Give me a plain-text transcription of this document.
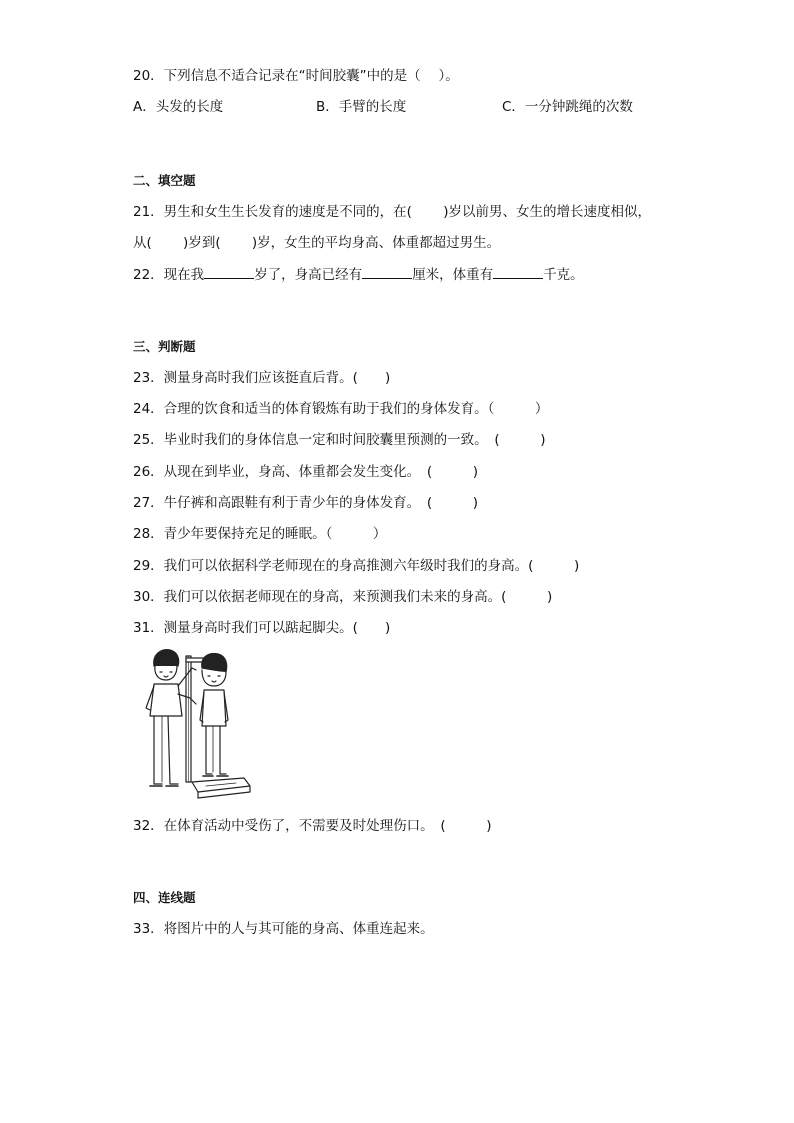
20．下列信息不适合记录在“时间胶囊”中的是（　 ）。
A．头发的长度	B．手臂的长度	C．一分钟跳绳的次数
二、填空题
21．男生和女生生长发育的速度是不同的，在(　　 )岁以前男、女生的增长速度相似，
从(　　 )岁到(　　 )岁，女生的平均身高、体重都超过男生。
22．现在我	岁了，身高已经有	厘米，体重有	千克。
三、判断题
23．测量身高时我们应该挺直后背。(　　)
24．合理的饮食和适当的体育锻炼有助于我们的身体发育。（　　　）
25．毕业时我们的身体信息一定和时间胶囊里预测的一致。　(　　　)
26．从现在到毕业，身高、体重都会发生变化。　(　　　)
27．牛仔裤和高跟鞋有利于青少年的身体发育。　(　　　)
28．青少年要保持充足的睡眠。（　　　）
29．我们可以依据科学老师现在的身高推测六年级时我们的身高。(　　　)
30．我们可以依据老师现在的身高，来预测我们未来的身高。(　　　)
31．测量身高时我们可以踮起脚尖。(　　)
32．在体育活动中受伤了，不需要及时处理伤口。　(　　　)
四、连线题
33．将图片中的人与其可能的身高、体重连起来。
